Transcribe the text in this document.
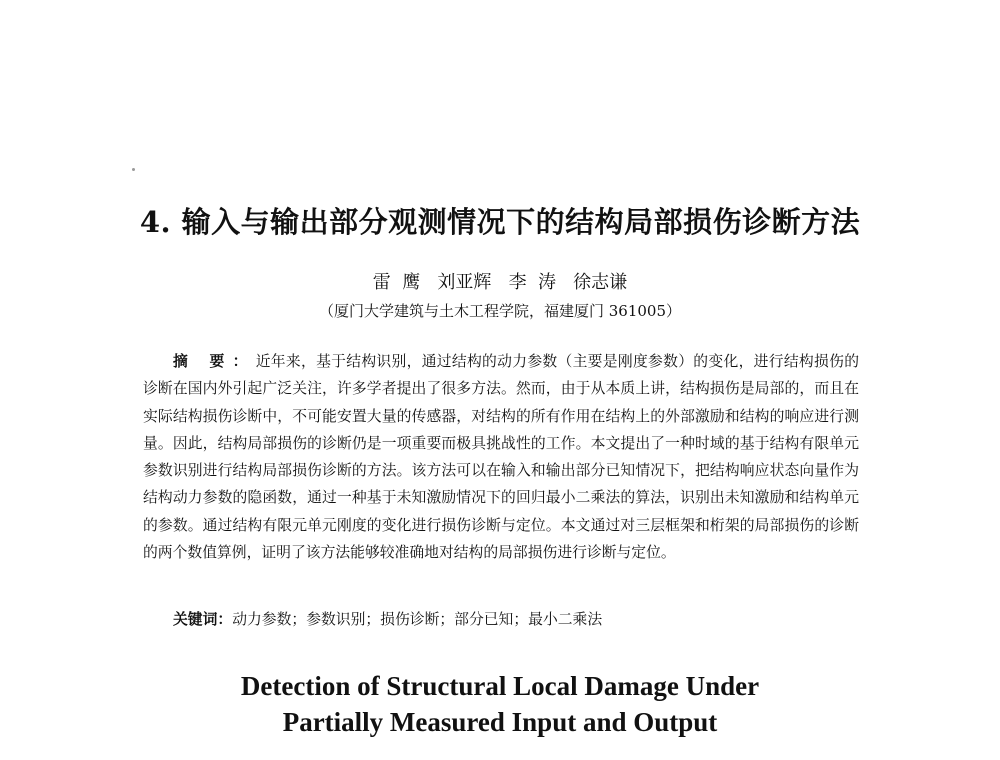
4. 输入与输出部分观测情况下的结构局部损伤诊断方法
雷  鹰   刘亚辉   李  涛   徐志谦
（厦门大学建筑与土木工程学院，福建厦门 361005）

摘 要：近年来，基于结构识别，通过结构的动力参数（主要是刚度参数）的变化，进行结构损伤的诊断在国内外引起广泛关注，许多学者提出了很多方法。然而，由于从本质上讲，结构损伤是局部的，而且在实际结构损伤诊断中，不可能安置大量的传感器，对结构的所有作用在结构上的外部激励和结构的响应进行测量。因此，结构局部损伤的诊断仍是一项重要而极具挑战性的工作。本文提出了一种时域的基于结构有限单元参数识别进行结构局部损伤诊断的方法。该方法可以在输入和输出部分已知情况下，把结构响应状态向量作为结构动力参数的隐函数，通过一种基于未知激励情况下的回归最小二乘法的算法，识别出未知激励和结构单元的参数。通过结构有限元单元刚度的变化进行损伤诊断与定位。本文通过对三层框架和桁架的局部损伤的诊断的两个数值算例，证明了该方法能够较准确地对结构的局部损伤进行诊断与定位。

关键词：动力参数；参数识别；损伤诊断；部分已知；最小二乘法

Detection of Structural Local Damage Under
Partially Measured Input and Output
